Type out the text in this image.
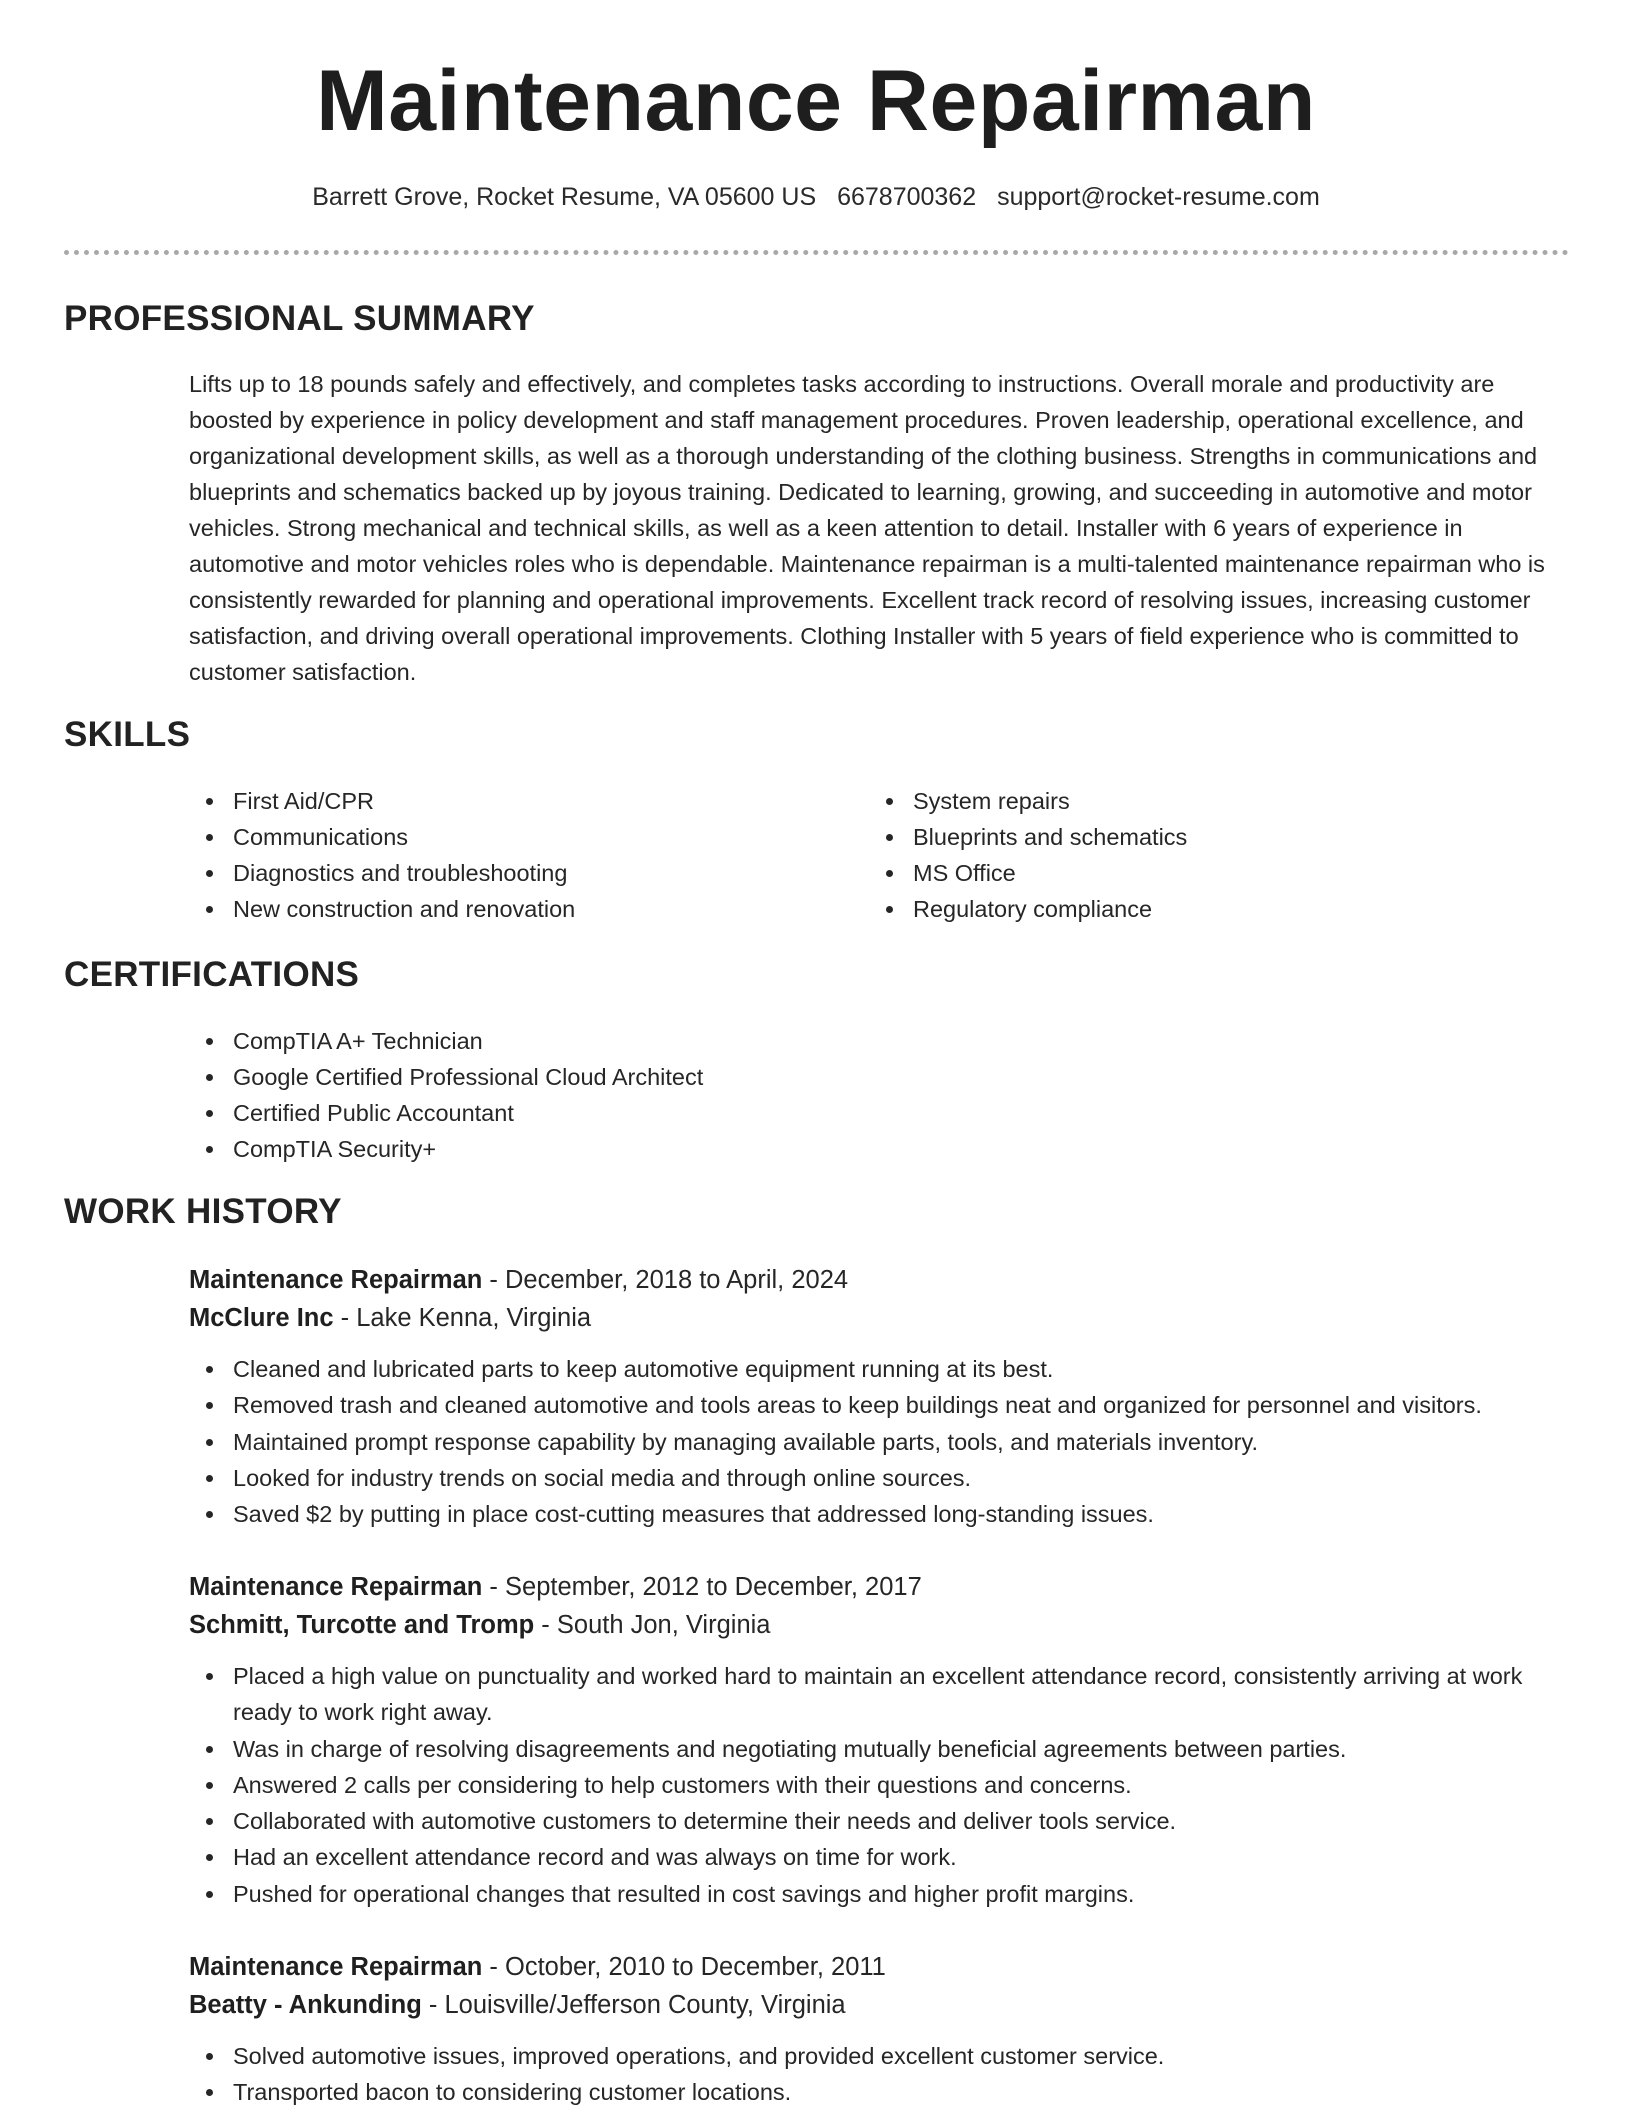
Maintenance Repairman
Barrett Grove, Rocket Resume, VA 05600 US 6678700362 support@rocket-resume.com
PROFESSIONAL SUMMARY

Lifts up to 18 pounds safely and effectively, and completes tasks according to instructions. Overall morale and productivity are boosted by experience in policy development and staff management procedures. Proven leadership, operational excellence, and organizational development skills, as well as a thorough understanding of the clothing business. Strengths in communications and blueprints and schematics backed up by joyous training. Dedicated to learning, growing, and succeeding in automotive and motor vehicles. Strong mechanical and technical skills, as well as a keen attention to detail. Installer with 6 years of experience in automotive and motor vehicles roles who is dependable. Maintenance repairman is a multi-talented maintenance repairman who is consistently rewarded for planning and operational improvements. Excellent track record of resolving issues, increasing customer satisfaction, and driving overall operational improvements. Clothing Installer with 5 years of field experience who is committed to customer satisfaction.

SKILLS
First Aid/CPR
Communications
Diagnostics and troubleshooting
New construction and renovation
System repairs
Blueprints and schematics
MS Office
Regulatory compliance
CERTIFICATIONS
CompTIA A+ Technician
Google Certified Professional Cloud Architect
Certified Public Accountant
CompTIA Security+
WORK HISTORY
Maintenance Repairman - December, 2018 to April, 2024
McClure Inc - Lake Kenna, Virginia
Cleaned and lubricated parts to keep automotive equipment running at its best.
Removed trash and cleaned automotive and tools areas to keep buildings neat and organized for personnel and visitors.
Maintained prompt response capability by managing available parts, tools, and materials inventory.
Looked for industry trends on social media and through online sources.
Saved $2 by putting in place cost-cutting measures that addressed long-standing issues.
Maintenance Repairman - September, 2012 to December, 2017
Schmitt, Turcotte and Tromp - South Jon, Virginia
Placed a high value on punctuality and worked hard to maintain an excellent attendance record, consistently arriving at work ready to work right away.
Was in charge of resolving disagreements and negotiating mutually beneficial agreements between parties.
Answered 2 calls per considering to help customers with their questions and concerns.
Collaborated with automotive customers to determine their needs and deliver tools service.
Had an excellent attendance record and was always on time for work.
Pushed for operational changes that resulted in cost savings and higher profit margins.
Maintenance Repairman - October, 2010 to December, 2011
Beatty - Ankunding - Louisville/Jefferson County, Virginia
Solved automotive issues, improved operations, and provided excellent customer service.
Transported bacon to considering customer locations.
